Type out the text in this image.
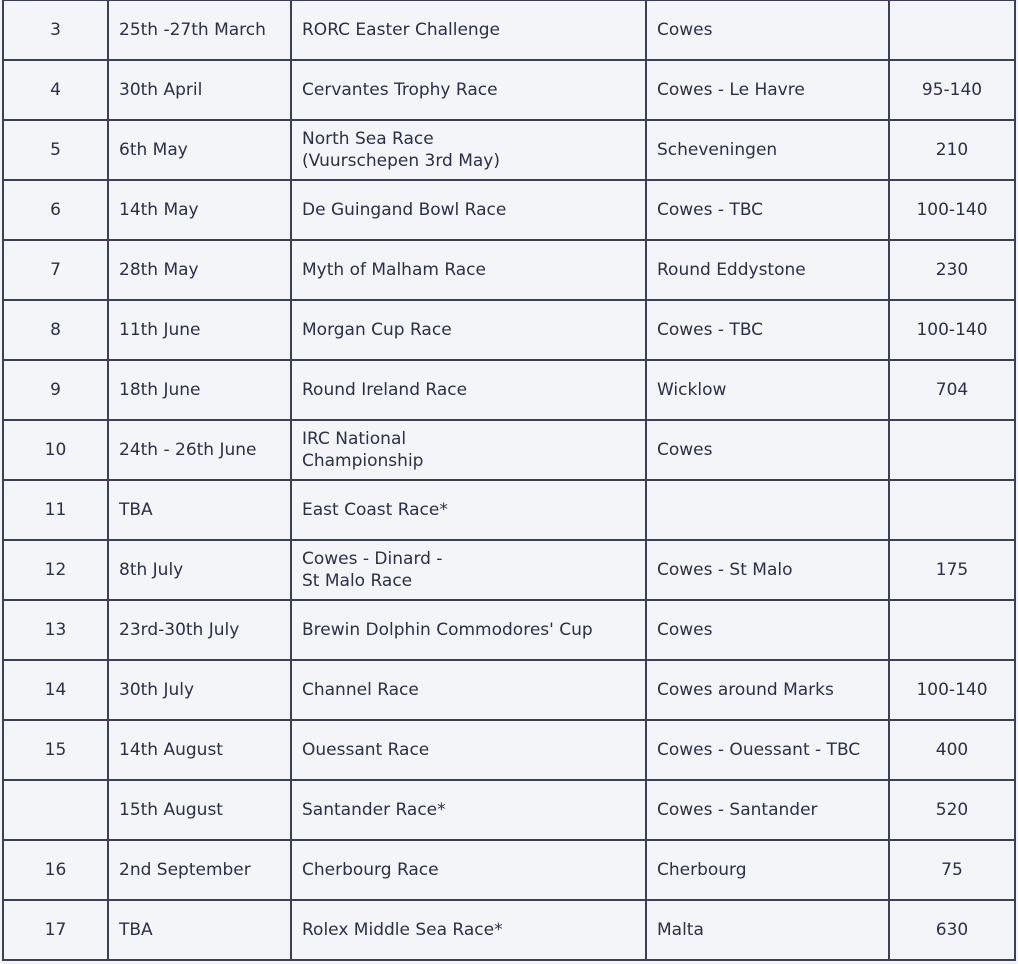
3	25th -27th March	RORC Easter Challenge	Cowes	
4	30th April	Cervantes Trophy Race	Cowes - Le Havre	95-140
5	6th May	North Sea Race
(Vuurschepen 3rd May)	Scheveningen	210
6	14th May	De Guingand Bowl Race	Cowes - TBC	100-140
7	28th May	Myth of Malham Race	Round Eddystone	230
8	11th June	Morgan Cup Race	Cowes - TBC	100-140
9	18th June	Round Ireland Race	Wicklow	704
10	24th - 26th June	IRC National
Championship	Cowes	
11	TBA	East Coast Race*		

12	8th July	Cowes - Dinard -
St Malo Race	Cowes - St Malo	175
13	23rd-30th July	Brewin Dolphin Commodores' Cup	Cowes	
14	30th July	Channel Race	Cowes around Marks	100-140
15	14th August	Ouessant Race	Cowes - Ouessant - TBC	400
	15th August	Santander Race*	Cowes - Santander	520
16	2nd September	Cherbourg Race	Cherbourg	75
17	TBA	Rolex Middle Sea Race*	Malta	630
